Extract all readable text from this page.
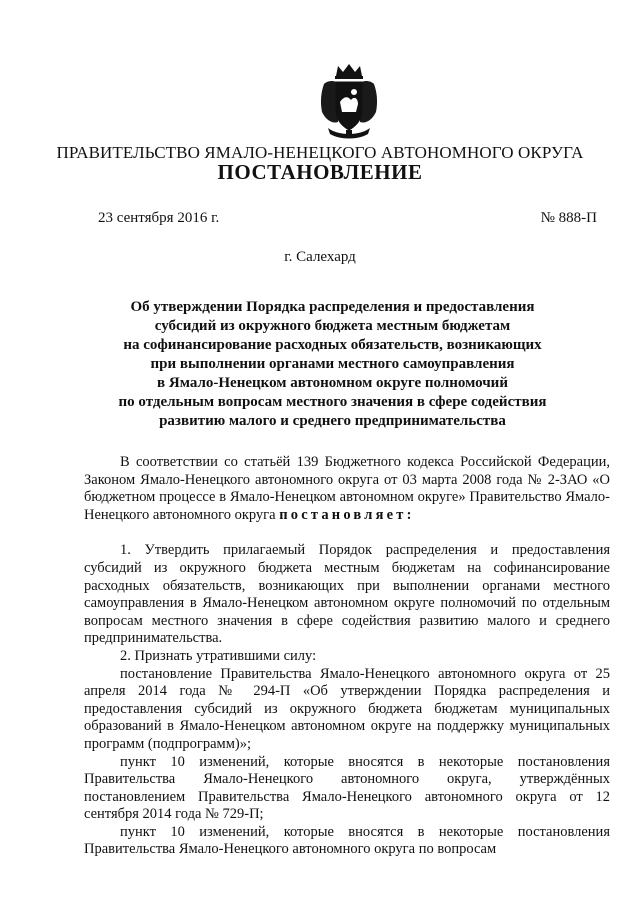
ПРАВИТЕЛЬСТВО ЯМАЛО-НЕНЕЦКОГО АВТОНОМНОГО ОКРУГА
ПОСТАНОВЛЕНИЕ
23 сентября 2016 г.	№ 888-П
г. Салехард
Об утверждении Порядка распределения и предоставления
субсидий из окружного бюджета местным бюджетам
на софинансирование расходных обязательств, возникающих
при выполнении органами местного самоуправления
в Ямало-Ненецком автономном округе полномочий
по отдельным вопросам местного значения в сфере содействия
развитию малого и среднего предпринимательства

В соответствии со статьёй 139 Бюджетного кодекса Российской Федерации, Законом Ямало-Ненецкого автономного округа от 03 марта 2008 года № 2-ЗАО «О бюджетном процессе в Ямало-Ненецком автономном округе» Правительство Ямало-Ненецкого автономного округа постановляет:

1. Утвердить прилагаемый Порядок распределения и предоставления субсидий из окружного бюджета местным бюджетам на софинансирование расходных обязательств, возникающих при выполнении органами местного самоуправления в Ямало-Ненецком автономном округе полномочий по отдельным вопросам местного значения в сфере содействия развитию малого и среднего предпринимательства.

2. Признать утратившими силу:

постановление Правительства Ямало-Ненецкого автономного округа от 25 апреля 2014 года № 294-П «Об утверждении Порядка распределения и предоставления субсидий из окружного бюджета бюджетам муниципальных образований в Ямало-Ненецком автономном округе на поддержку муниципальных программ (подпрограмм)»;

пункт 10 изменений, которые вносятся в некоторые постановления Правительства Ямало-Ненецкого автономного округа, утверждённых постановлением Правительства Ямало-Ненецкого автономного округа от 12 сентября 2014 года № 729-П;

пункт 10 изменений, которые вносятся в некоторые постановления Правительства Ямало-Ненецкого автономного округа по вопросам
